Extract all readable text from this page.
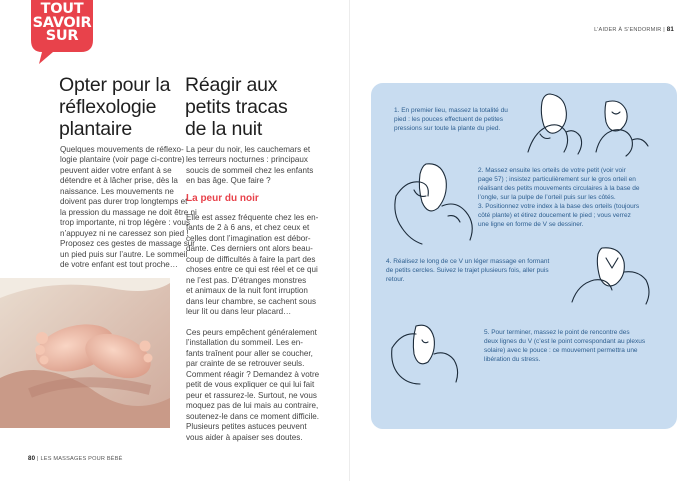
TOUT
SAVOIR
SUR
Opter pour la
réflexologie
plantaire
Quelques mouvements de réflexo-
logie plantaire (voir page ci-contre)
peuvent aider votre enfant à se
détendre et à lâcher prise, dès la
naissance. Les mouvements ne
doivent pas durer trop longtemps et
la pression du massage ne doit être ni
trop importante, ni trop légère : vous
n’appuyez ni ne caressez son pied !
Proposez ces gestes de massage sur
un pied puis sur l’autre. Le sommeil
de votre enfant est tout proche…
Réagir aux
petits tracas
de la nuit
La peur du noir, les cauchemars et
les terreurs nocturnes : principaux
soucis de sommeil chez les enfants
en bas âge. Que faire ?
La peur du noir
Elle est assez fréquente chez les en-
fants de 2 à 6 ans, et chez ceux et
celles dont l’imagination est débor-
dante. Ces derniers ont alors beau-
coup de difficultés à faire la part des
choses entre ce qui est réel et ce qui
ne l’est pas. D’étranges monstres
et animaux de la nuit font irruption
dans leur chambre, se cachent sous
leur lit ou dans leur placard…
Ces peurs empêchent généralement
l’installation du sommeil. Les en-
fants traînent pour aller se coucher,
par crainte de se retrouver seuls.
Comment réagir ? Demandez à votre
petit de vous expliquer ce qui lui fait
peur et rassurez-le. Surtout, ne vous
moquez pas de lui mais au contraire,
soutenez-le dans ce moment difficile.
Plusieurs petites astuces peuvent
vous aider à apaiser ses doutes.
80 | LES MASSAGES POUR BÉBÉ
L’AIDER À S’ENDORMIR | 81
1. En premier lieu, massez la totalité du
pied : les pouces effectuent de petites
pressions sur toute la plante du pied.
2. Massez ensuite les orteils de votre petit (voir voir
page 57) ; insistez particulièrement sur le gros orteil en
réalisant des petits mouvements circulaires à la base de
l’ongle, sur la pulpe de l’orteil puis sur les côtés.
3. Positionnez votre index à la base des orteils (toujours
côté plante) et étirez doucement le pied ; vous verrez
une ligne en forme de V se dessiner.
4. Réalisez le long de ce V un léger massage en formant
de petits cercles. Suivez le trajet plusieurs fois, aller puis
retour.
5. Pour terminer, massez le point de rencontre des
deux lignes du V (c’est le point correspondant au plexus
solaire) avec le pouce : ce mouvement permettra une
libération du stress.
